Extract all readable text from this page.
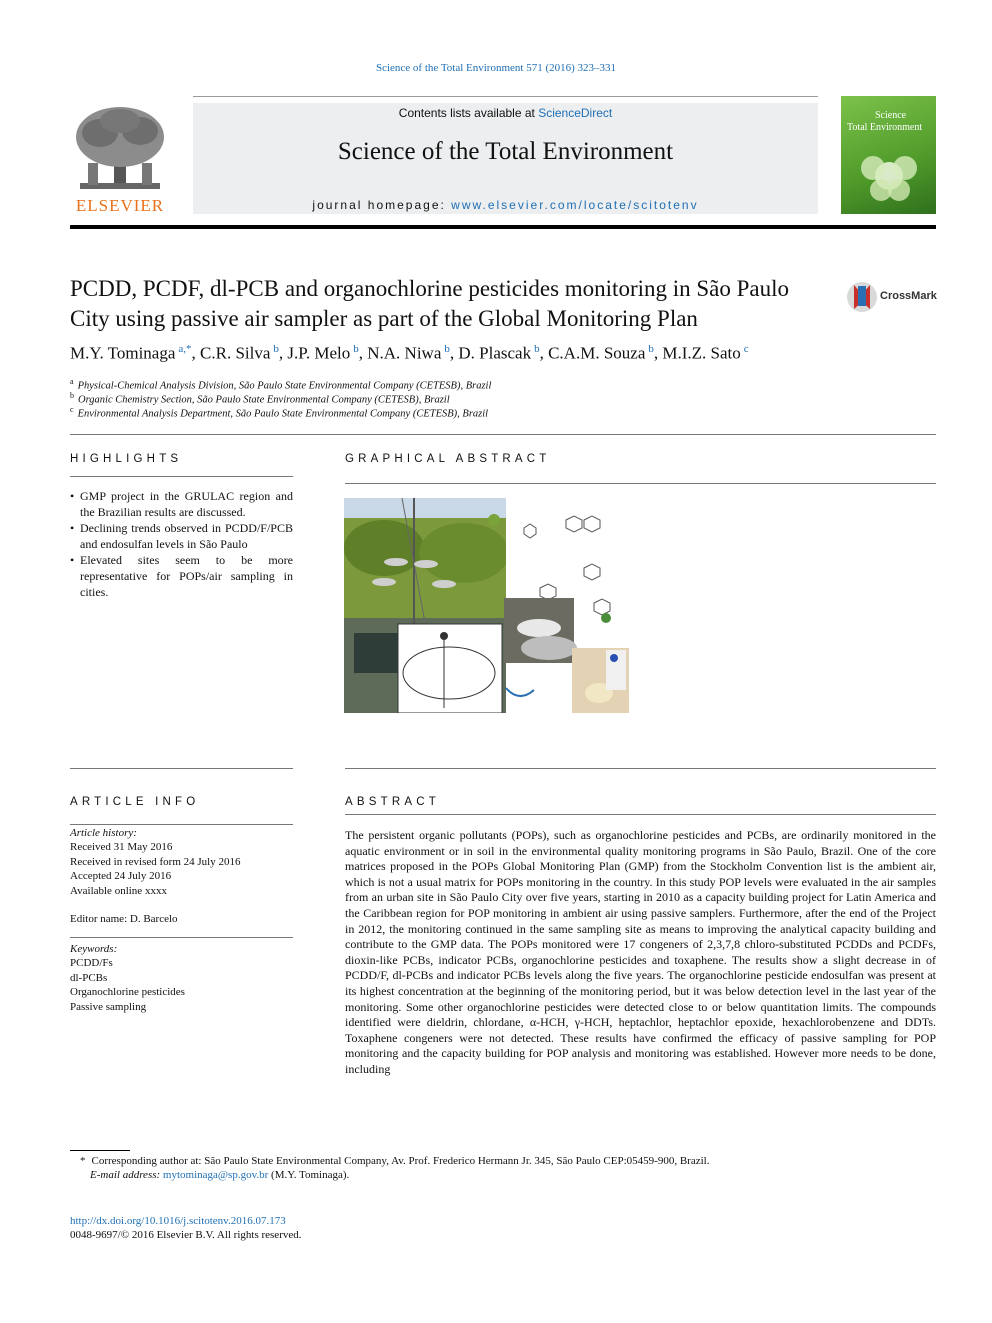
Science of the Total Environment 571 (2016) 323–331
ELSEVIER
Contents lists available at ScienceDirect
Science of the Total Environment
journal homepage: www.elsevier.com/locate/scitotenv
Science
Total Environment
PCDD, PCDF, dl-PCB and organochlorine pesticides monitoring in São Paulo City using passive air sampler as part of the Global Monitoring Plan
CrossMark
M.Y. Tominaga $^{a,*}$, C.R. Silva $^b$, J.P. Melo $^b$, N.A. Niwa $^b$, D. Plascak $^b$, C.A.M. Souza $^b$, M.I.Z. Sato $^c$
$^a$ Physical-Chemical Analysis Division, São Paulo State Environmental Company (CETESB), Brazil
$^b$ Organic Chemistry Section, São Paulo State Environmental Company (CETESB), Brazil
$^c$ Environmental Analysis Department, São Paulo State Environmental Company (CETESB), Brazil
HIGHLIGHTS
• GMP project in the GRULAC region and the Brazilian results are discussed.
• Declining trends observed in PCDD/F/PCB and endosulfan levels in São Paulo
• Elevated sites seem to be more representative for POPs/air sampling in cities.
GRAPHICAL ABSTRACT
ARTICLE INFO
Article history:
Received 31 May 2016
Received in revised form 24 July 2016
Accepted 24 July 2016
Available online xxxx
Editor name: D. Barcelo
Keywords:
PCDD/Fs
dl-PCBs
Organochlorine pesticides
Passive sampling
ABSTRACT
The persistent organic pollutants (POPs), such as organochlorine pesticides and PCBs, are ordinarily monitored in the aquatic environment or in soil in the environmental quality monitoring programs in São Paulo, Brazil. One of the core matrices proposed in the POPs Global Monitoring Plan (GMP) from the Stockholm Convention list is the ambient air, which is not a usual matrix for POPs monitoring in the country. In this study POP levels were evaluated in the air samples from an urban site in São Paulo City over five years, starting in 2010 as a capacity building project for Latin America and the Caribbean region for POP monitoring in ambient air using passive samplers. Furthermore, after the end of the Project in 2012, the monitoring continued in the same sampling site as means to improving the analytical capacity building and contribute to the GMP data. The POPs monitored were 17 congeners of 2,3,7,8 chloro-substituted PCDDs and PCDFs, dioxin-like PCBs, indicator PCBs, organochlorine pesticides and toxaphene. The results show a slight decrease in of PCDD/F, dl-PCBs and indicator PCBs levels along the five years. The organochlorine pesticide endosulfan was present at its highest concentration at the beginning of the monitoring period, but it was below detection level in the last year of the monitoring. Some other organochlorine pesticides were detected close to or below quantitation limits. The compounds identified were dieldrin, chlordane, α-HCH, γ-HCH, heptachlor, heptachlor epoxide, hexachlorobenzene and DDTs. Toxaphene congeners were not detected. These results have confirmed the efficacy of passive sampling for POP monitoring and the capacity building for POP analysis and monitoring was established. However more needs to be done, including
* Corresponding author at: São Paulo State Environmental Company, Av. Prof. Frederico Hermann Jr. 345, São Paulo CEP:05459-900, Brazil.
E-mail address: mytominaga@sp.gov.br (M.Y. Tominaga).
http://dx.doi.org/10.1016/j.scitotenv.2016.07.173
0048-9697/© 2016 Elsevier B.V. All rights reserved.
